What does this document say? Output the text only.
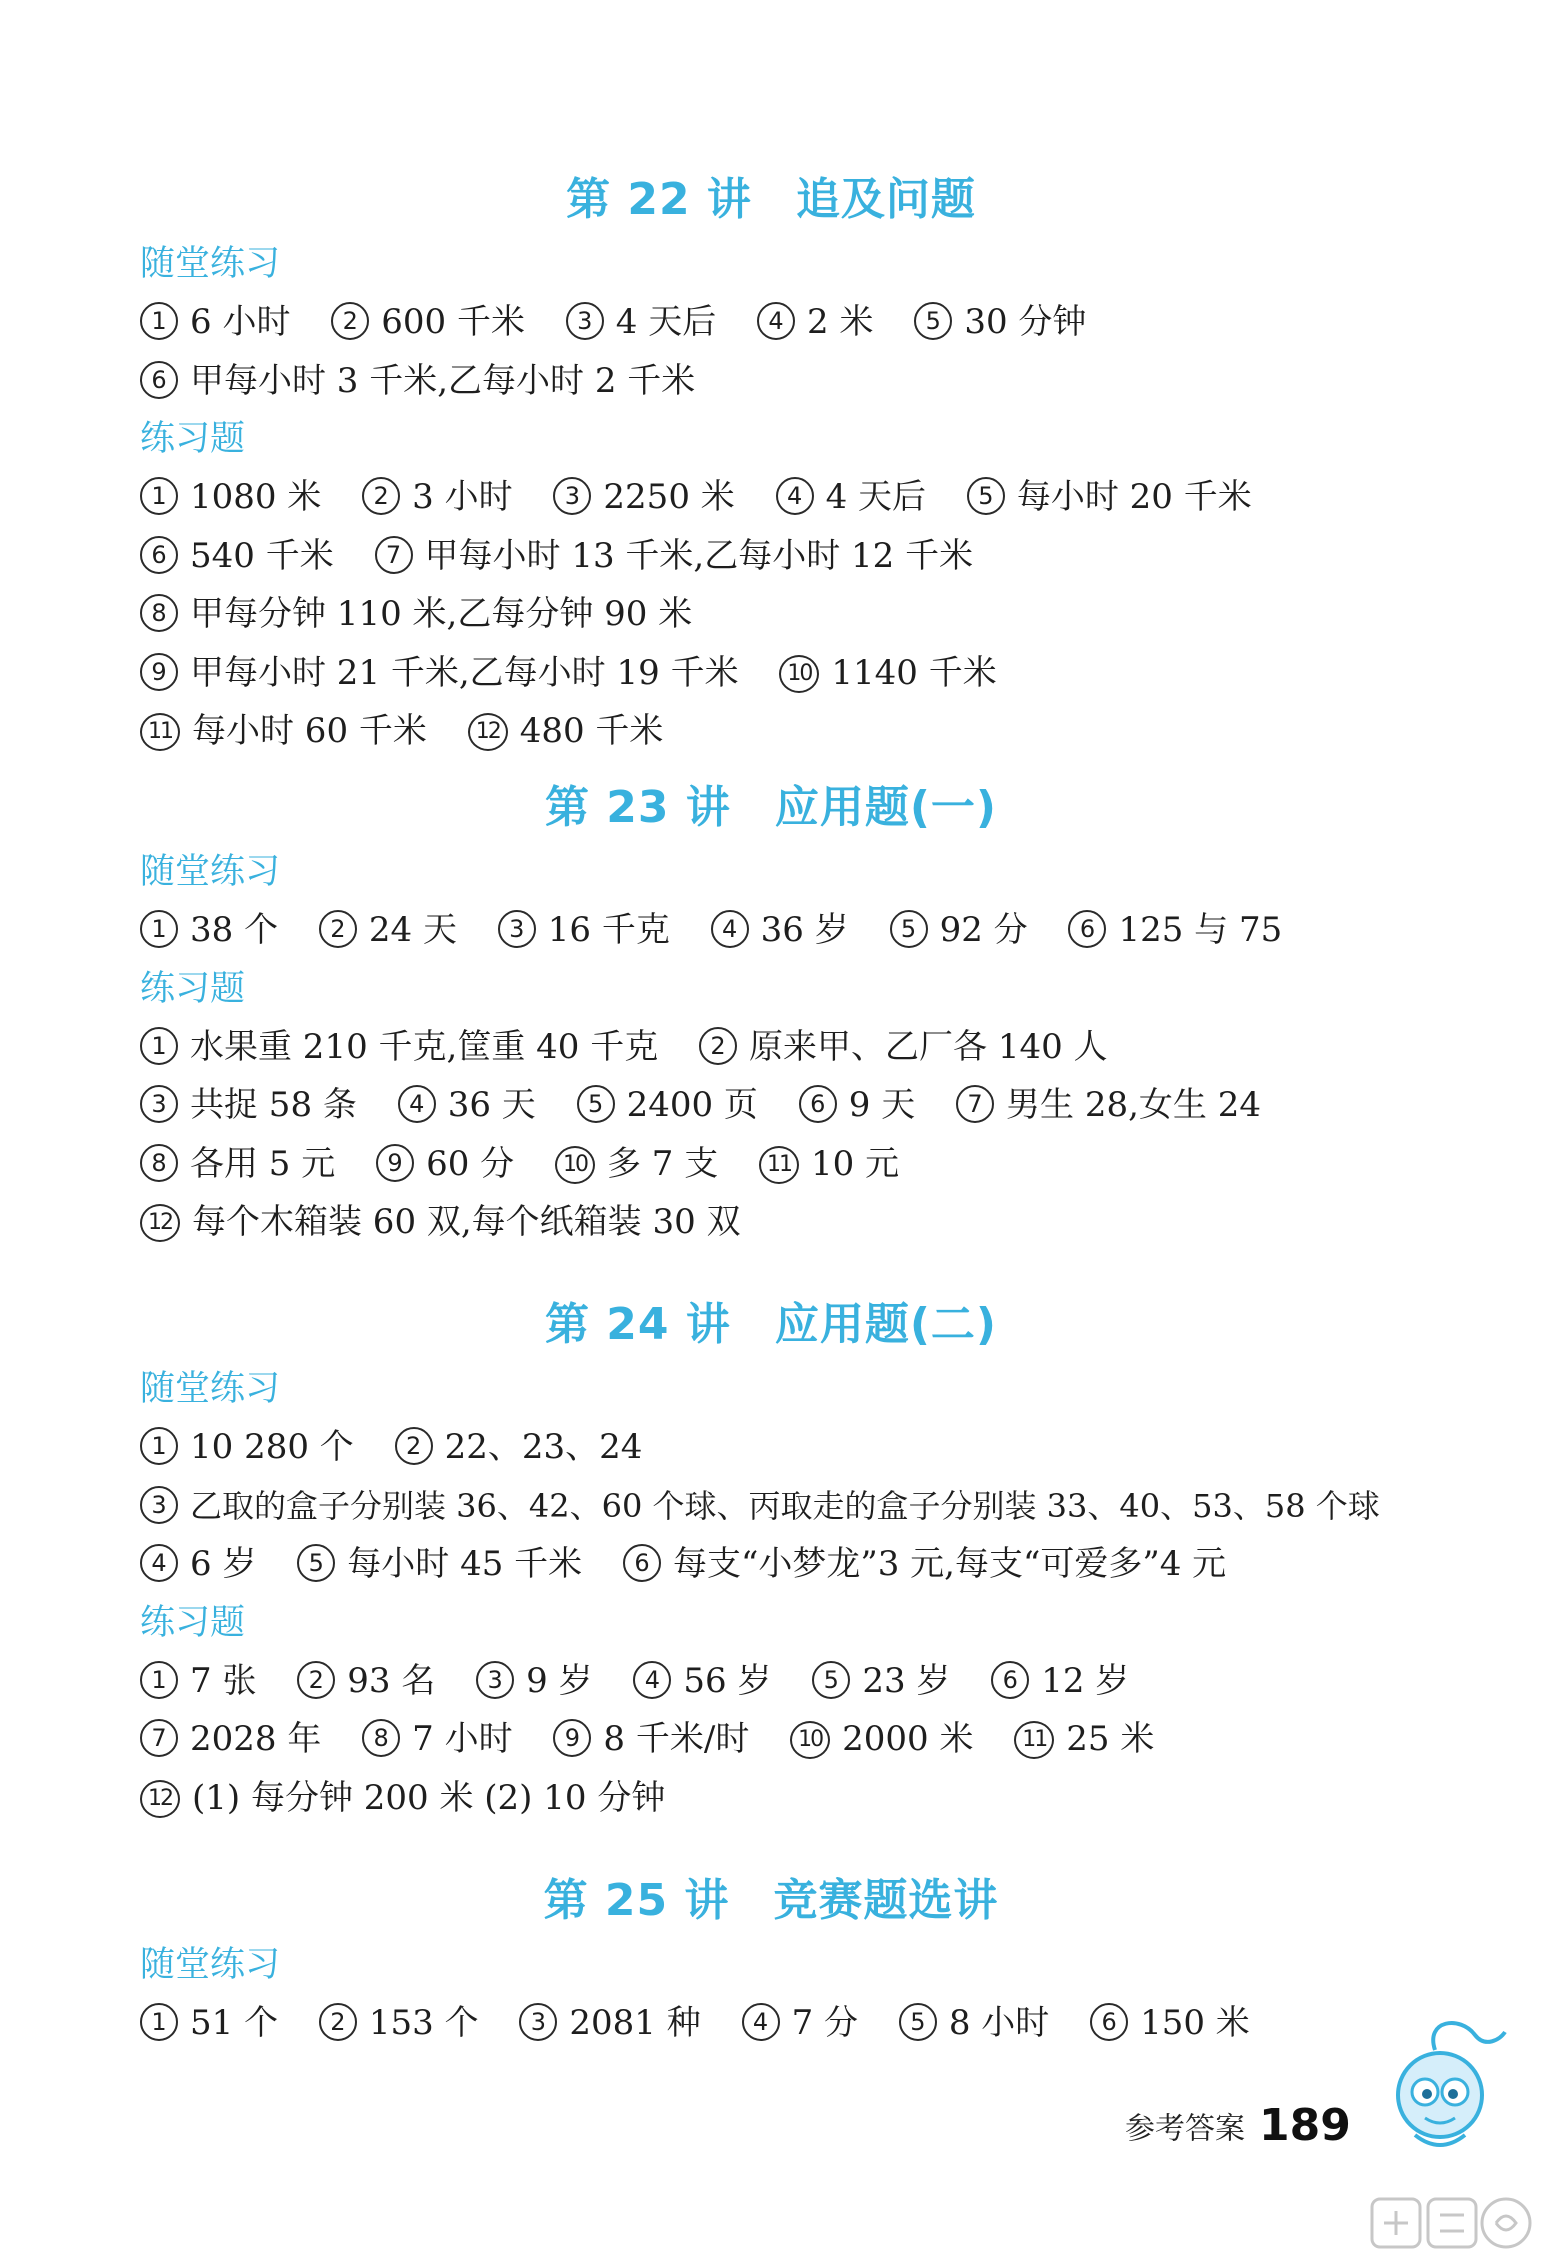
第 22 讲 追及问题
随堂练习
1 6 小时 2 600 千米 3 4 天后 4 2 米 5 30 分钟
6 甲每小时 3 千米,乙每小时 2 千米
练习题
1 1080 米 2 3 小时 3 2250 米 4 4 天后 5 每小时 20 千米
6 540 千米 7 甲每小时 13 千米,乙每小时 12 千米
8 甲每分钟 110 米,乙每分钟 90 米
9 甲每小时 21 千米,乙每小时 19 千米 10 1140 千米
11 每小时 60 千米 12 480 千米
第 23 讲 应用题(一)
随堂练习
1 38 个 2 24 天 3 16 千克 4 36 岁 5 92 分 6 125 与 75
练习题
1 水果重 210 千克,筐重 40 千克 2 原来甲、乙厂各 140 人
3 共捉 58 条 4 36 天 5 2400 页 6 9 天 7 男生 28,女生 24
8 各用 5 元 9 60 分 10 多 7 支 11 10 元
12 每个木箱装 60 双,每个纸箱装 30 双
第 24 讲 应用题(二)
随堂练习
1 10 280 个 2 22、23、24
3 乙取的盒子分别装 36、42、60 个球、丙取走的盒子分别装 33、40、53、58 个球
4 6 岁 5 每小时 45 千米 6 每支“小梦龙”3 元,每支“可爱多”4 元
练习题
1 7 张 2 93 名 3 9 岁 4 56 岁 5 23 岁 6 12 岁
7 2028 年 8 7 小时 9 8 千米/时 10 2000 米 11 25 米
12 (1) 每分钟 200 米 (2) 10 分钟
第 25 讲 竞赛题选讲
随堂练习
1 51 个 2 153 个 3 2081 种 4 7 分 5 8 小时 6 150 米
参考答案 189
